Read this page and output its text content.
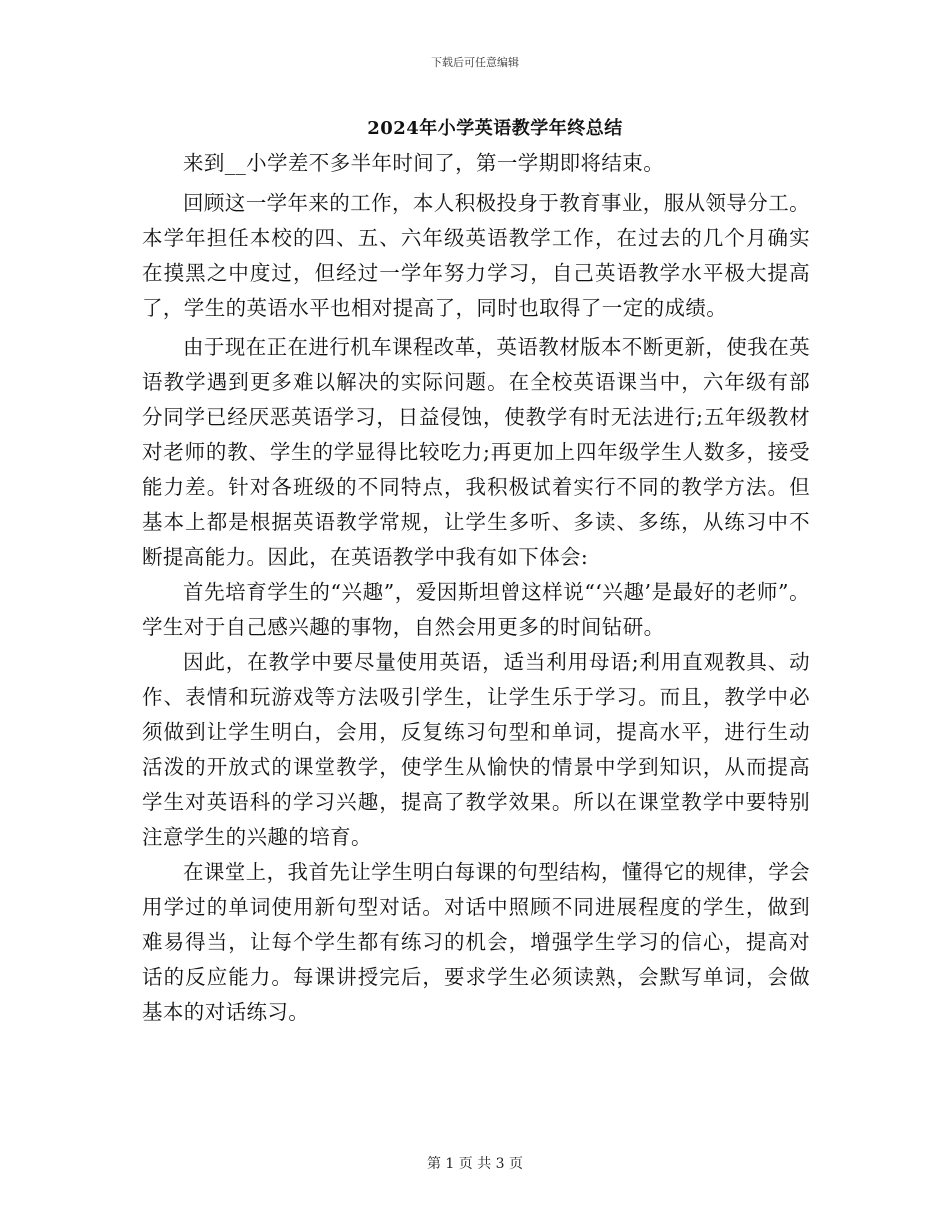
下载后可任意编辑
2024年小学英语教学年终总结

来到__小学差不多半年时间了，第一学期即将结束。

回顾这一学年来的工作，本人积极投身于教育事业，服从领导分工。本学年担任本校的四、五、六年级英语教学工作，在过去的几个月确实在摸黑之中度过，但经过一学年努力学习，自己英语教学水平极大提高了，学生的英语水平也相对提高了，同时也取得了一定的成绩。

由于现在正在进行机车课程改革，英语教材版本不断更新，使我在英语教学遇到更多难以解决的实际问题。在全校英语课当中，六年级有部分同学已经厌恶英语学习，日益侵蚀，使教学有时无法进行;五年级教材对老师的教、学生的学显得比较吃力;再更加上四年级学生人数多，接受能力差。针对各班级的不同特点，我积极试着实行不同的教学方法。但基本上都是根据英语教学常规，让学生多听、多读、多练，从练习中不断提高能力。因此，在英语教学中我有如下体会:

首先培育学生的“兴趣”，爱因斯坦曾这样说“‘兴趣’是最好的老师”。学生对于自己感兴趣的事物，自然会用更多的时间钻研。

因此，在教学中要尽量使用英语，适当利用母语;利用直观教具、动作、表情和玩游戏等方法吸引学生，让学生乐于学习。而且，教学中必须做到让学生明白，会用，反复练习句型和单词，提高水平，进行生动活泼的开放式的课堂教学，使学生从愉快的情景中学到知识，从而提高学生对英语科的学习兴趣，提高了教学效果。所以在课堂教学中要特别注意学生的兴趣的培育。

在课堂上，我首先让学生明白每课的句型结构，懂得它的规律，学会用学过的单词使用新句型对话。对话中照顾不同进展程度的学生，做到难易得当，让每个学生都有练习的机会，增强学生学习的信心，提高对话的反应能力。每课讲授完后，要求学生必须读熟，会默写单词，会做基本的对话练习。

第 1 页 共 3 页
